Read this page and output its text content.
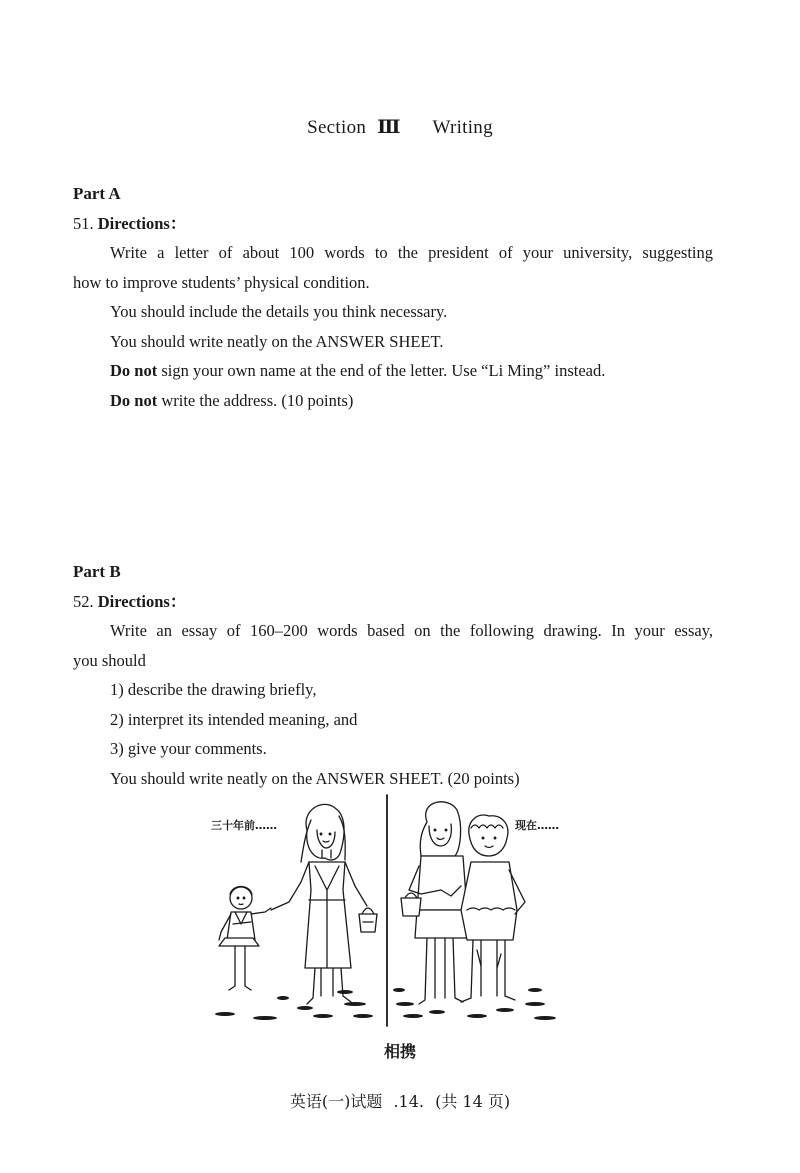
Section Ⅲ Writing
Part A
51. Directions：

Write a letter of about 100 words to the president of your university, suggesting

how to improve students’ physical condition.

You should include the details you think necessary.

You should write neatly on the ANSWER SHEET.

Do not sign your own name at the end of the letter. Use “Li Ming” instead.

Do not write the address. (10 points)

Part B
52. Directions：

Write an essay of 160–200 words based on the following drawing. In your essay,

you should

1) describe the drawing briefly,

2) interpret its intended meaning, and

3) give your comments.

You should write neatly on the ANSWER SHEET. (20 points)

三十年前……	现在……
相携
英语(一)试题 .14. (共 14 页)
